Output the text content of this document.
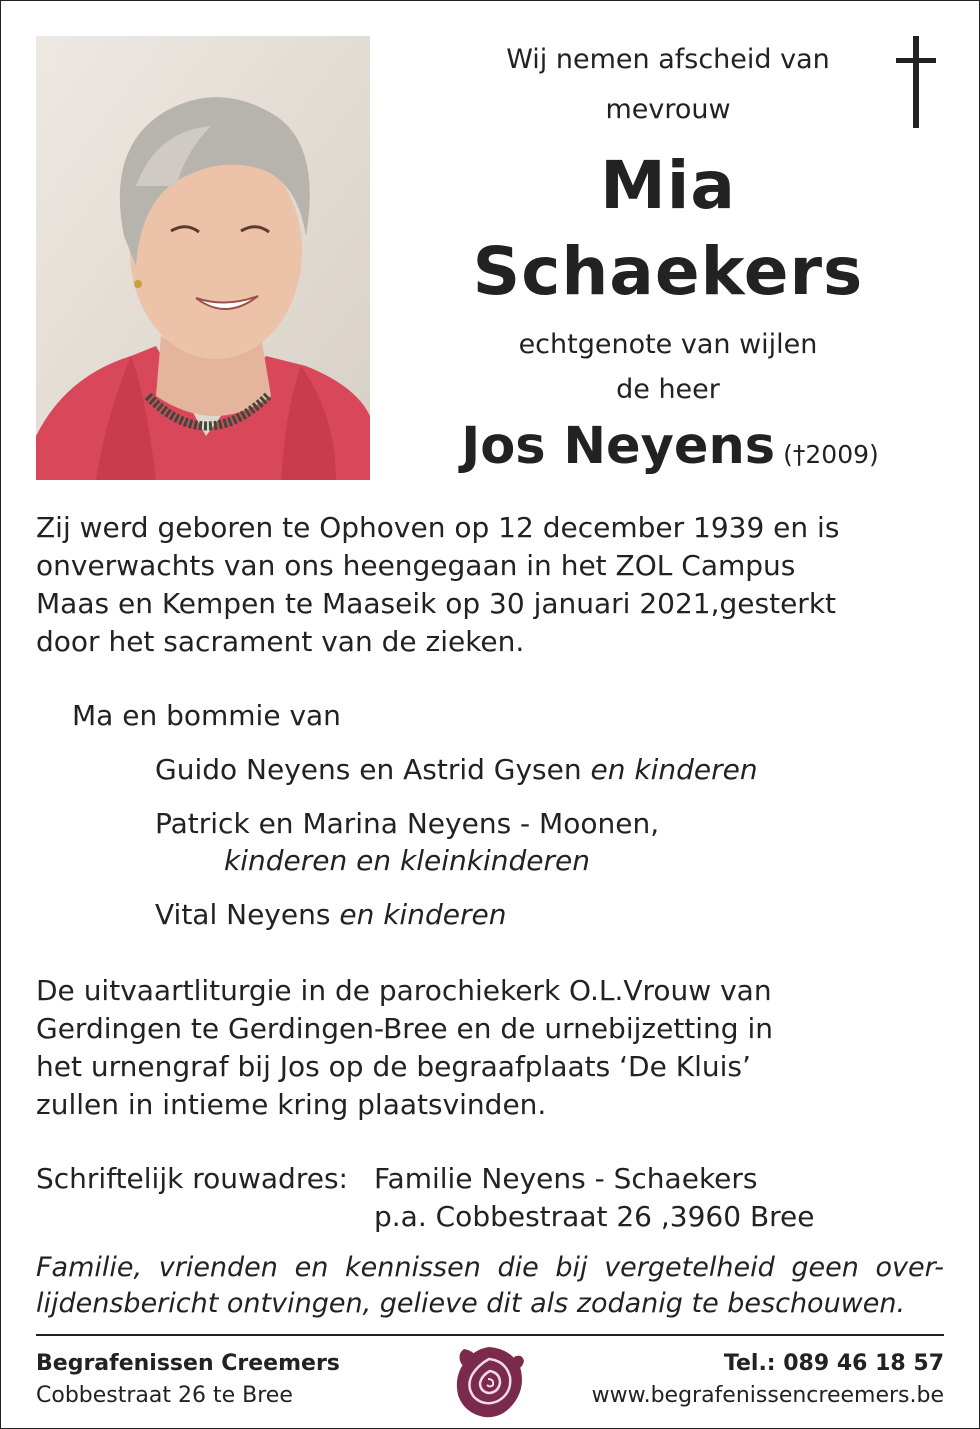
Wij nemen afscheid van
mevrouw
Mia
Schaekers
echtgenote van wijlen
de heer
Jos Neyens (†2009)
Zij werd geboren te Ophoven op 12 december 1939 en is
onverwachts van ons heengegaan in het ZOL Campus
Maas en Kempen te Maaseik op 30 januari 2021,gesterkt
door het sacrament van de zieken.
Ma en bommie van
Guido Neyens en Astrid Gysen en kinderen
Patrick en Marina Neyens - Moonen,
kinderen en kleinkinderen
Vital Neyens en kinderen
De uitvaartliturgie in de parochiekerk O.L.Vrouw van
Gerdingen te Gerdingen-Bree en de urnebijzetting in
het urnengraf bij Jos op de begraafplaats ‘De Kluis’
zullen in intieme kring plaatsvinden.
Schriftelijk rouwadres: Familie Neyens - Schaekers
p.a. Cobbestraat 26 ,3960 Bree
Familie, vrienden en kennissen die bij vergetelheid geen over-lijdensbericht ontvingen, gelieve dit als zodanig te beschouwen.
Begrafenissen Creemers
Cobbestraat 26 te Bree
Tel.: 089 46 18 57
www.begrafenissencreemers.be
